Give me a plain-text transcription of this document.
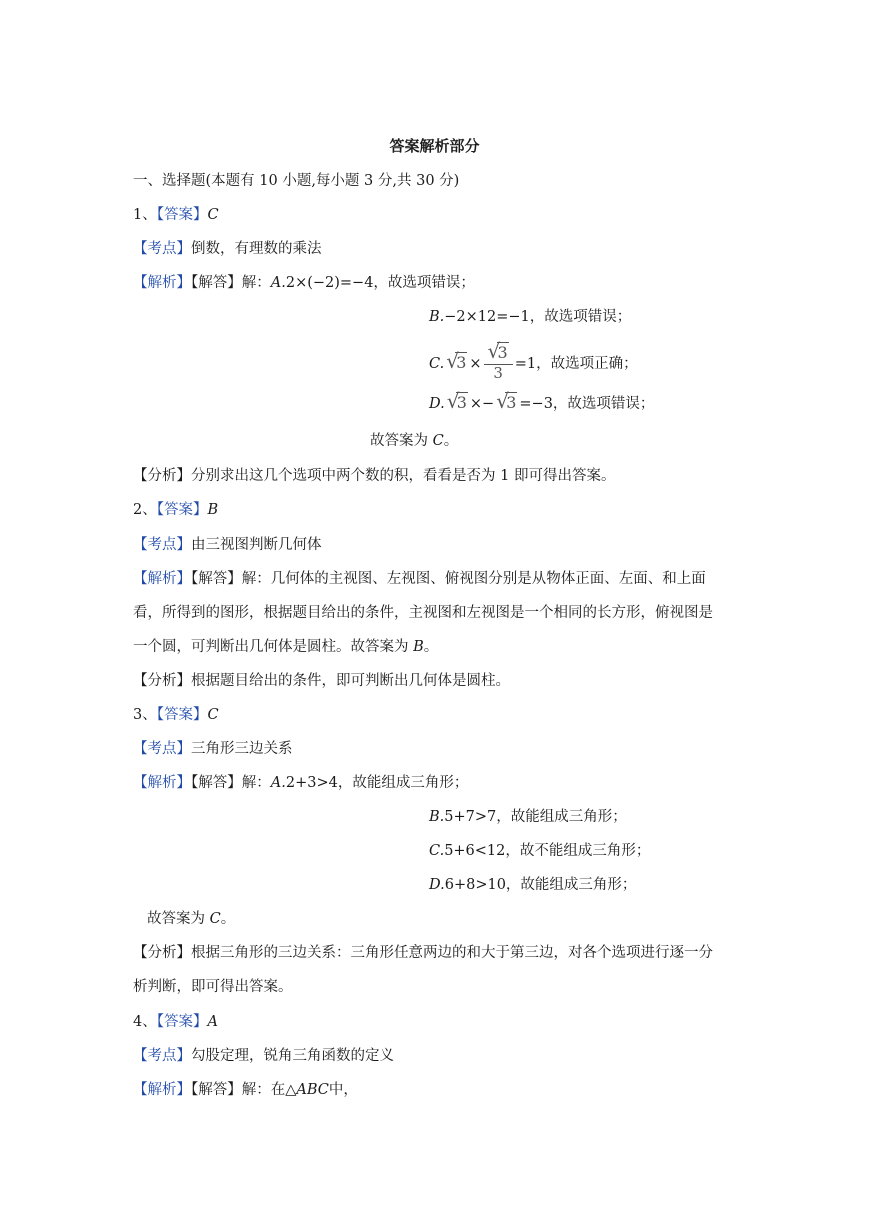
答案解析部分
一、选择题(本题有 10 小题,每小题 3 分,共 30 分)
1、【答案】C
【考点】倒数，有理数的乘法
【解析】【解答】解：A.2×(−2)=−4，故选项错误；
B.−2×12=−1，故选项错误；
C. √
3 × √
3
3 =1，故选项正确；
D. √
3 ×− √
3 =−3，故选项错误；
故答案为 C。
【分析】分别求出这几个选项中两个数的积，看看是否为 1 即可得出答案。
2、【答案】B
【考点】由三视图判断几何体
【解析】【解答】解：几何体的主视图、左视图、俯视图分别是从物体正面、左面、和上面
看，所得到的图形，根据题目给出的条件，主视图和左视图是一个相同的长方形，俯视图是
一个圆，可判断出几何体是圆柱。故答案为 B。
【分析】根据题目给出的条件，即可判断出几何体是圆柱。
3、【答案】C
【考点】三角形三边关系
【解析】【解答】解：A.2+3>4，故能组成三角形；
B.5+7>7，故能组成三角形；
C.5+6<12，故不能组成三角形；
D.6+8>10，故能组成三角形；
故答案为 C。
【分析】根据三角形的三边关系：三角形任意两边的和大于第三边，对各个选项进行逐一分
析判断，即可得出答案。
4、【答案】A
【考点】勾股定理，锐角三角函数的定义
【解析】【解答】解：在△ABC中，
